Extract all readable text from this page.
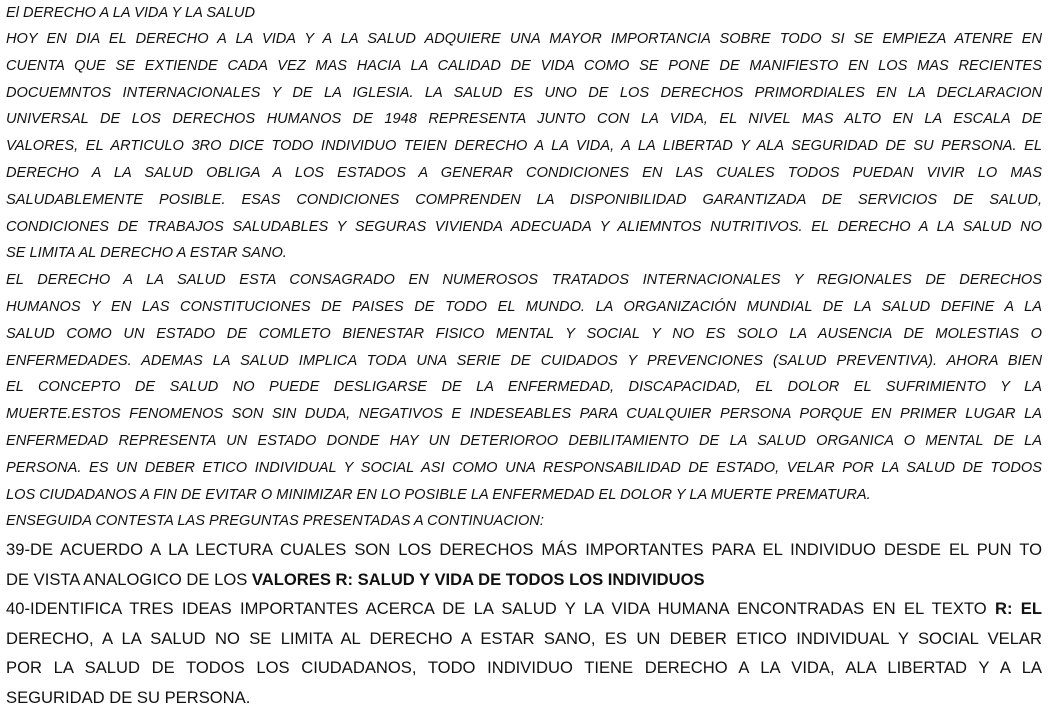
El DERECHO A LA VIDA Y LA SALUD

HOY EN DIA EL DERECHO A LA VIDA Y A LA SALUD ADQUIERE UNA MAYOR IMPORTANCIA SOBRE TODO SI SE EMPIEZA ATENRE EN

CUENTA QUE SE EXTIENDE CADA VEZ MAS HACIA LA CALIDAD DE VIDA COMO SE PONE DE MANIFIESTO EN LOS MAS RECIENTES

DOCUEMNTOS INTERNACIONALES Y DE LA IGLESIA. LA SALUD ES UNO DE LOS DERECHOS PRIMORDIALES EN LA DECLARACION

UNIVERSAL DE LOS DERECHOS HUMANOS DE 1948 REPRESENTA JUNTO CON LA VIDA, EL NIVEL MAS ALTO EN LA ESCALA DE

VALORES, EL ARTICULO 3RO DICE TODO INDIVIDUO TEIEN DERECHO A LA VIDA, A LA LIBERTAD Y ALA SEGURIDAD DE SU PERSONA. EL

DERECHO A LA SALUD OBLIGA A LOS ESTADOS A GENERAR CONDICIONES EN LAS CUALES TODOS PUEDAN VIVIR LO MAS

SALUDABLEMENTE POSIBLE. ESAS CONDICIONES COMPRENDEN LA DISPONIBILIDAD GARANTIZADA DE SERVICIOS DE SALUD,

CONDICIONES DE TRABAJOS SALUDABLES Y SEGURAS VIVIENDA ADECUADA Y ALIEMNTOS NUTRITIVOS. EL DERECHO A LA SALUD NO

SE LIMITA AL DERECHO A ESTAR SANO.

EL DERECHO A LA SALUD ESTA CONSAGRADO EN NUMEROSOS TRATADOS INTERNACIONALES Y REGIONALES DE DERECHOS

HUMANOS Y EN LAS CONSTITUCIONES DE PAISES DE TODO EL MUNDO. LA ORGANIZACIÓN MUNDIAL DE LA SALUD DEFINE A LA

SALUD COMO UN ESTADO DE COMLETO BIENESTAR FISICO MENTAL Y SOCIAL Y NO ES SOLO LA AUSENCIA DE MOLESTIAS O

ENFERMEDADES. ADEMAS LA SALUD IMPLICA TODA UNA SERIE DE CUIDADOS Y PREVENCIONES (SALUD PREVENTIVA). AHORA BIEN

EL CONCEPTO DE SALUD NO PUEDE DESLIGARSE DE LA ENFERMEDAD, DISCAPACIDAD, EL DOLOR EL SUFRIMIENTO Y LA

MUERTE.ESTOS FENOMENOS SON SIN DUDA, NEGATIVOS E INDESEABLES PARA CUALQUIER PERSONA PORQUE EN PRIMER LUGAR LA

ENFERMEDAD REPRESENTA UN ESTADO DONDE HAY UN DETERIOROO DEBILITAMIENTO DE LA SALUD ORGANICA O MENTAL DE LA

PERSONA. ES UN DEBER ETICO INDIVIDUAL Y SOCIAL ASI COMO UNA RESPONSABILIDAD DE ESTADO, VELAR POR LA SALUD DE TODOS

LOS CIUDADANOS A FIN DE EVITAR O MINIMIZAR EN LO POSIBLE LA ENFERMEDAD EL DOLOR Y LA MUERTE PREMATURA.

ENSEGUIDA CONTESTA LAS PREGUNTAS PRESENTADAS A CONTINUACION:

39-DE ACUERDO A LA LECTURA CUALES SON LOS DERECHOS MÁS IMPORTANTES PARA EL INDIVIDUO DESDE EL PUN TO

DE VISTA ANALOGICO DE LOS VALORES R: SALUD Y VIDA DE TODOS LOS INDIVIDUOS

40-IDENTIFICA TRES IDEAS IMPORTANTES ACERCA DE LA SALUD Y LA VIDA HUMANA ENCONTRADAS EN EL TEXTO R: EL

DERECHO, A LA SALUD NO SE LIMITA AL DERECHO A ESTAR SANO, ES UN DEBER ETICO INDIVIDUAL Y SOCIAL VELAR

POR LA SALUD DE TODOS LOS CIUDADANOS, TODO INDIVIDUO TIENE DERECHO A LA VIDA, ALA LIBERTAD Y A LA

SEGURIDAD DE SU PERSONA.
